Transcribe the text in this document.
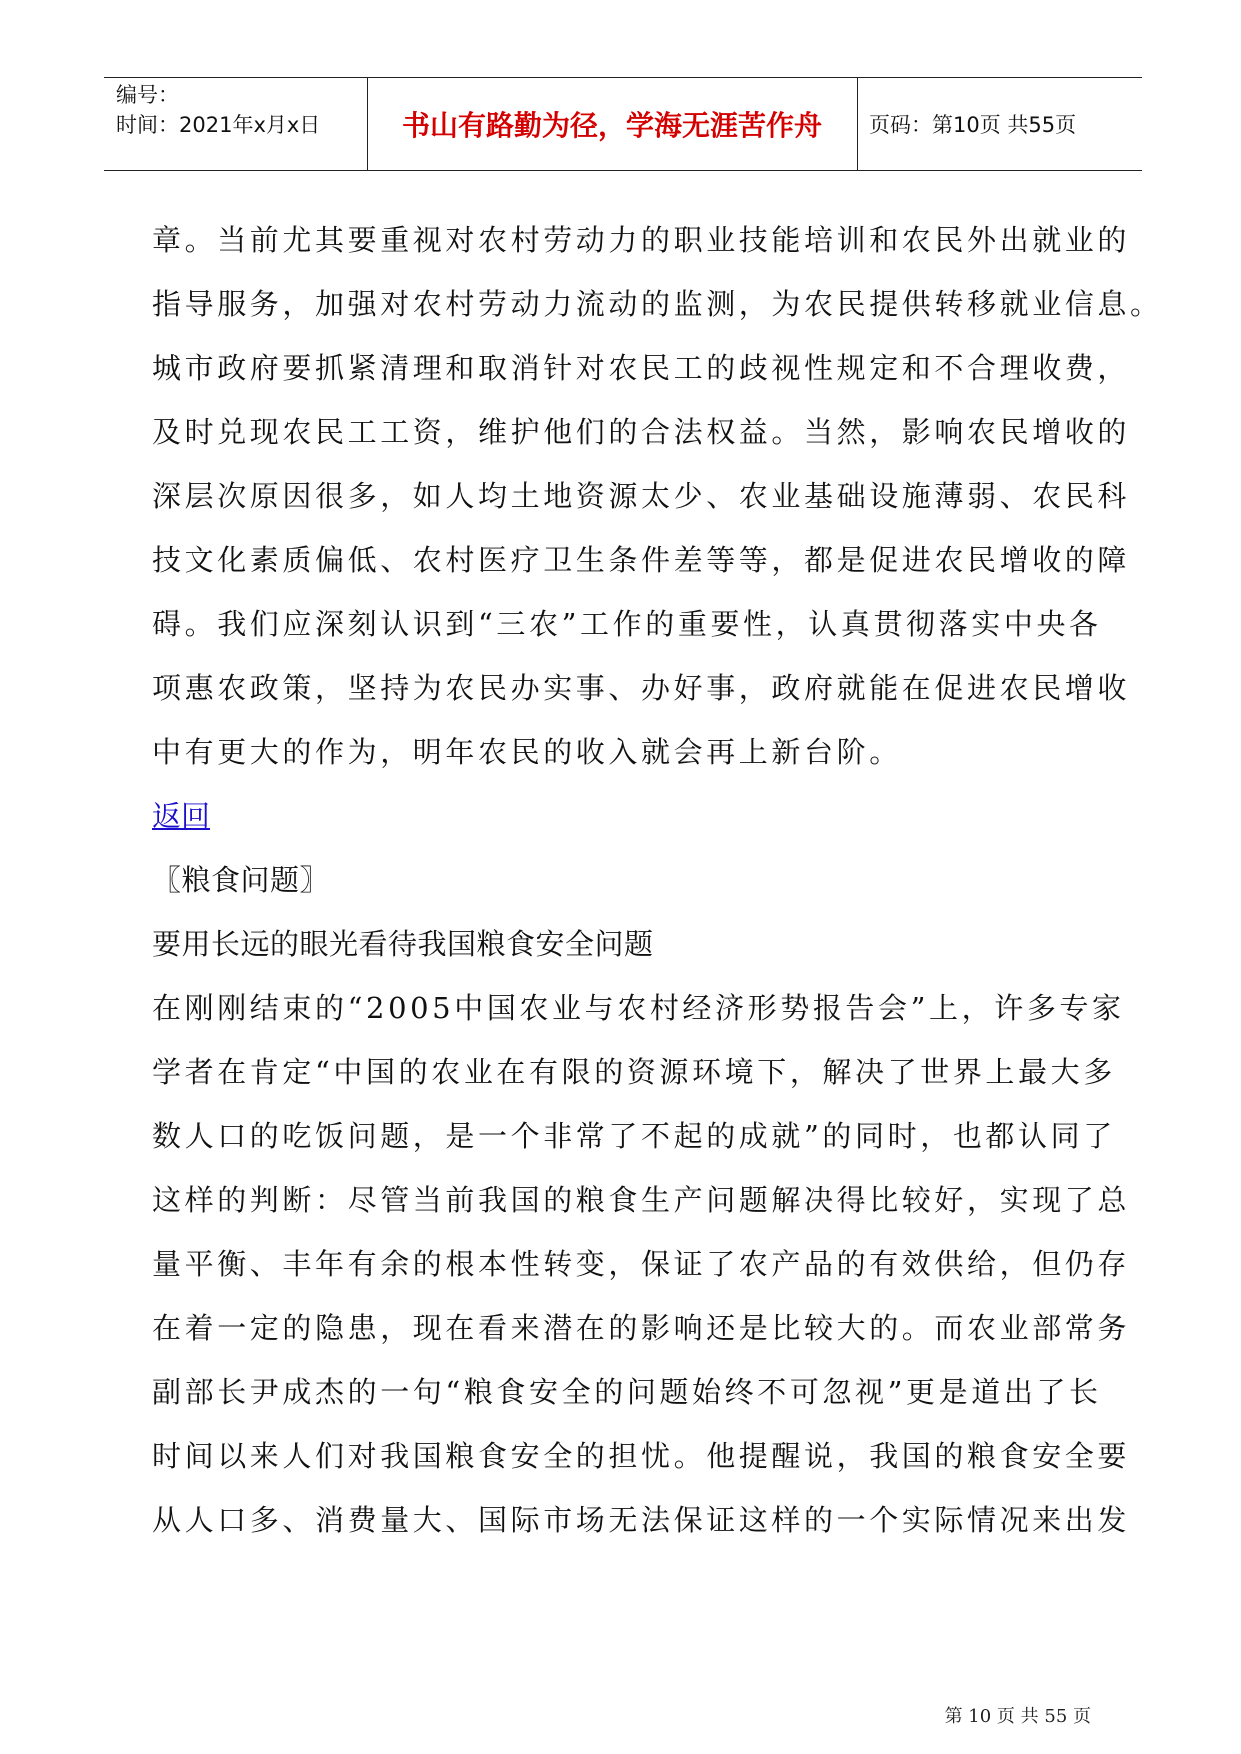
编号：
时间：2021年x月x日	书山有路勤为径，学海无涯苦作舟	页码：第10页 共55页
章。当前尤其要重视对农村劳动力的职业技能培训和农民外出就业的
指导服务，加强对农村劳动力流动的监测，为农民提供转移就业信息。
城市政府要抓紧清理和取消针对农民工的歧视性规定和不合理收费，
及时兑现农民工工资，维护他们的合法权益。当然，影响农民增收的
深层次原因很多，如人均土地资源太少、农业基础设施薄弱、农民科
技文化素质偏低、农村医疗卫生条件差等等，都是促进农民增收的障
碍。我们应深刻认识到“三农”工作的重要性，认真贯彻落实中央各
项惠农政策，坚持为农民办实事、办好事，政府就能在促进农民增收
中有更大的作为，明年农民的收入就会再上新台阶。
返回
〖粮食问题〗
要用长远的眼光看待我国粮食安全问题
在刚刚结束的“2005中国农业与农村经济形势报告会”上，许多专家
学者在肯定“中国的农业在有限的资源环境下，解决了世界上最大多
数人口的吃饭问题，是一个非常了不起的成就”的同时，也都认同了
这样的判断：尽管当前我国的粮食生产问题解决得比较好，实现了总
量平衡、丰年有余的根本性转变，保证了农产品的有效供给，但仍存
在着一定的隐患，现在看来潜在的影响还是比较大的。而农业部常务
副部长尹成杰的一句“粮食安全的问题始终不可忽视”更是道出了长
时间以来人们对我国粮食安全的担忧。他提醒说，我国的粮食安全要
从人口多、消费量大、国际市场无法保证这样的一个实际情况来出发
第 10 页 共 55 页
